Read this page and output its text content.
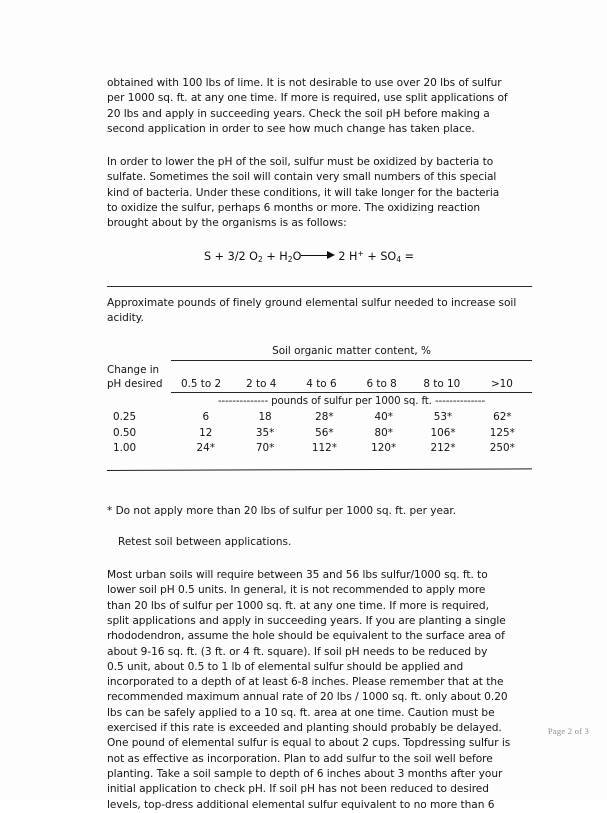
obtained with 100 lbs of lime. It is not desirable to use over 20 lbs of sulfur
per 1000 sq. ft. at any one time. If more is required, use split applications of
20 lbs and apply in succeeding years. Check the soil pH before making a
second application in order to see how much change has taken place.

In order to lower the pH of the soil, sulfur must be oxidized by bacteria to
sulfate. Sometimes the soil will contain very small numbers of this special
kind of bacteria. Under these conditions, it will take longer for the bacteria
to oxidize the sulfur, perhaps 6 months or more. The oxidizing reaction
brought about by the organisms is as follows:

S + 3/2 $O_2 + H_2O$	2 $H^+ + SO_4$ =

Approximate pounds of finely ground elemental sulfur needed to increase soil
acidity.

Soil organic matter content, %
Change in
pH desired	0.5 to 2	2 to 4	4 to 6	6 to 8	8 to 10	>10
-------------- pounds of sulfur per 1000 sq. ft. --------------
0.25	6	18	28*	40*	53*	62*
0.50	12	35*	56*	80*	106*	125*
1.00	24*	70*	112*	120*	212*	250*

* Do not apply more than 20 lbs of sulfur per 1000 sq. ft. per year.

Retest soil between applications.

Most urban soils will require between 35 and 56 lbs sulfur/1000 sq. ft. to
lower soil pH 0.5 units. In general, it is not recommended to apply more
than 20 lbs of sulfur per 1000 sq. ft. at any one time. If more is required,
split applications and apply in succeeding years. If you are planting a single
rhododendron, assume the hole should be equivalent to the surface area of
about 9-16 sq. ft. (3 ft. or 4 ft. square). If soil pH needs to be reduced by
0.5 unit, about 0.5 to 1 lb of elemental sulfur should be applied and
incorporated to a depth of at least 6-8 inches. Please remember that at the
recommended maximum annual rate of 20 lbs / 1000 sq. ft. only about 0.20
lbs can be safely applied to a 10 sq. ft. area at one time. Caution must be
exercised if this rate is exceeded and planting should probably be delayed.
One pound of elemental sulfur is equal to about 2 cups. Topdressing sulfur is
not as effective as incorporation. Plan to add sulfur to the soil well before
planting. Take a soil sample to depth of 6 inches about 3 months after your
initial application to check pH. If soil pH has not been reduced to desired
levels, top-dress additional elemental sulfur equivalent to no more than 6

Page 2 of 3
